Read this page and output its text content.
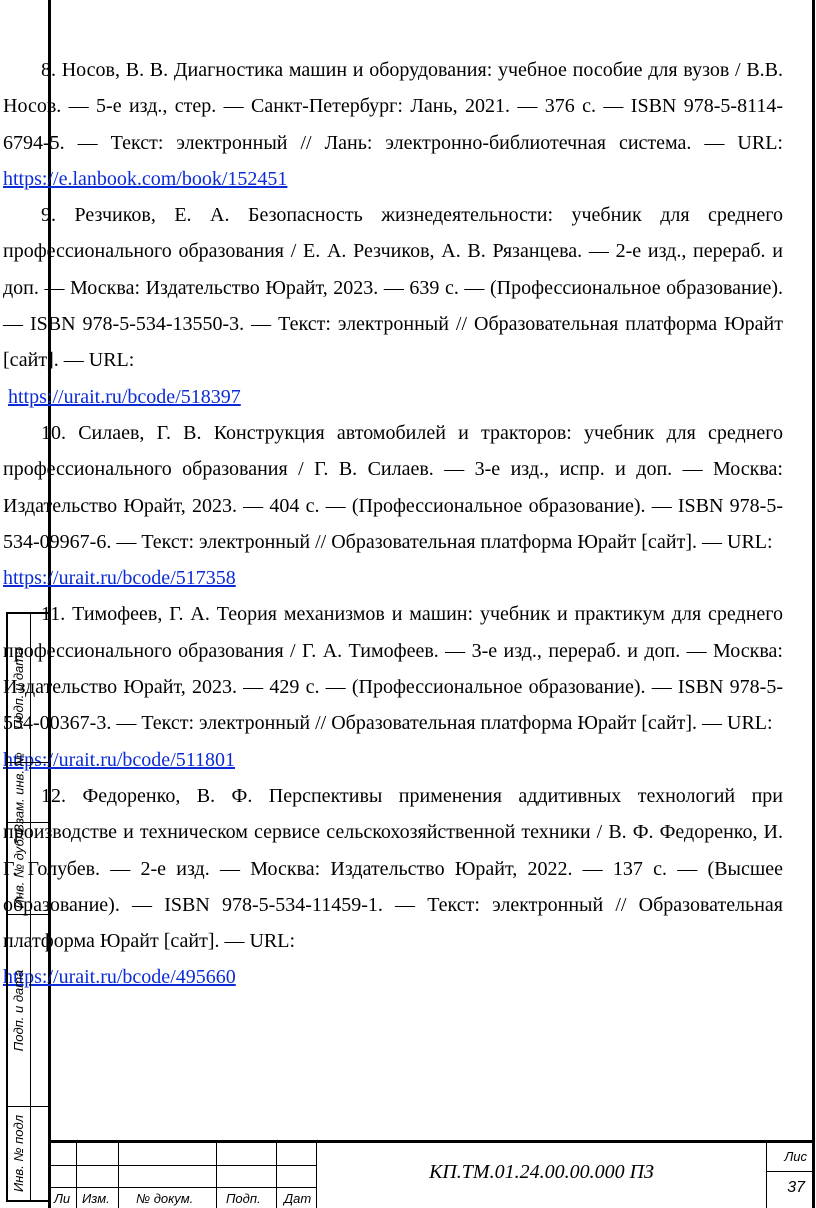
8. Носов, В. В. Диагностика машин и оборудования: учебное пособие для вузов / В.В. Носов. — 5-е изд., стер. — Санкт-Петербург: Лань, 2021. — 376 с. — ISBN 978-5-8114-6794-5. — Текст: электронный // Лань: электронно-библиотечная система. — URL: https://e.lanbook.com/book/152451

9. Резчиков, Е. А. Безопасность жизнедеятельности: учебник для среднего профессионального образования / Е. А. Резчиков, А. В. Рязанцева. — 2-е изд., перераб. и доп. — Москва: Издательство Юрайт, 2023. — 639 с. — (Профессиональное образование). — ISBN 978-5-534-13550-3. — Текст: электронный // Образовательная платформа Юрайт [сайт]. — URL:

https://urait.ru/bcode/518397

10. Силаев, Г. В. Конструкция автомобилей и тракторов: учебник для среднего профессионального образования / Г. В. Силаев. — 3-е изд., испр. и доп. — Москва: Издательство Юрайт, 2023. — 404 с. — (Профессиональное образование). — ISBN 978-5-534-09967-6. — Текст: электронный // Образовательная платформа Юрайт [сайт]. — URL:

https://urait.ru/bcode/517358

11. Тимофеев, Г. А. Теория механизмов и машин: учебник и практикум для среднего профессионального образования / Г. А. Тимофеев. — 3-е изд., перераб. и доп. — Москва: Издательство Юрайт, 2023. — 429 с. — (Профессиональное образование). — ISBN 978-5-534-00367-3. — Текст: электронный // Образовательная платформа Юрайт [сайт]. — URL:

https://urait.ru/bcode/511801

12. Федоренко, В. Ф. Перспективы применения аддитивных технологий при производстве и техническом сервисе сельскохозяйственной техники / В. Ф. Федоренко, И. Г. Голубев. — 2-е изд. — Москва: Издательство Юрайт, 2022. — 137 с. — (Высшее образование). — ISBN 978-5-534-11459-1. — Текст: электронный // Образовательная платформа Юрайт [сайт]. — URL:

https://urait.ru/bcode/495660

Подп. и дата
Взам. инв. №
Инв. № дубл.
Подп. и дата
Инв. № подл
Ли Изм. № докум.	Подп. Дат
КП.ТМ.01.24.00.00.000 ПЗ
Лис
37
